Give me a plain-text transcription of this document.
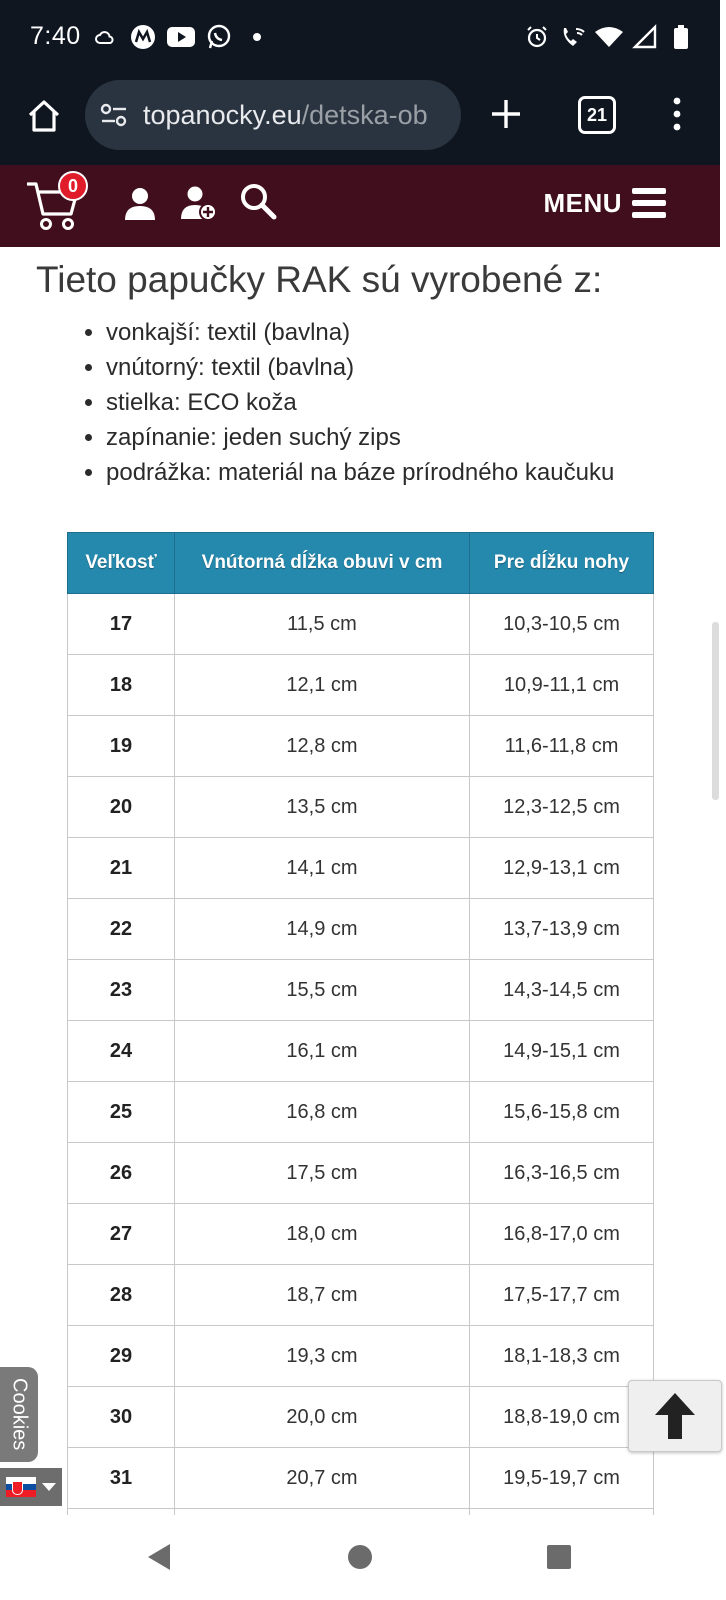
7:40
topanocky.eu/detska-ob	21
0
MENU
Tieto papučky RAK sú vyrobené z:
• vonkajší: textil (bavlna)
• vnútorný: textil (bavlna)
• stielka: ECO koža
• zapínanie: jeden suchý zips
• podrážka: materiál na báze prírodného kaučuku
Veľkosť	Vnútorná dĺžka obuvi v cm	Pre dĺžku nohy
17	11,5 cm	10,3-10,5 cm
18	12,1 cm	10,9-11,1 cm
19	12,8 cm	11,6-11,8 cm
20	13,5 cm	12,3-12,5 cm
21	14,1 cm	12,9-13,1 cm
22	14,9 cm	13,7-13,9 cm
23	15,5 cm	14,3-14,5 cm
24	16,1 cm	14,9-15,1 cm
25	16,8 cm	15,6-15,8 cm
26	17,5 cm	16,3-16,5 cm
27	18,0 cm	16,8-17,0 cm
28	18,7 cm	17,5-17,7 cm
29	19,3 cm	18,1-18,3 cm
30	20,0 cm	18,8-19,0 cm
31	20,7 cm	19,5-19,7 cm

Cookies
